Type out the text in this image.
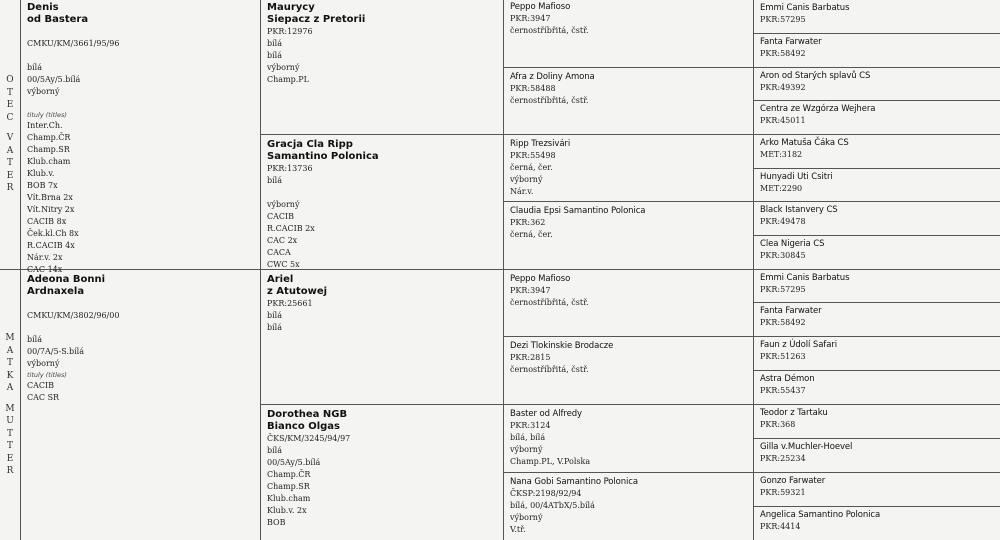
O
T
E
C
V
A
T
E
R
M
A
T
K
A
M
U
T
T
E
R
Denis
od Bastera
CMKU/KM/3661/95/96
bílá
00/5Ay/5.bílá
výborný
tituly (titles)
Inter.Ch.
Champ.ČR
Champ.SR
Klub.cham
Klub.v.
BOB 7x
Vít.Brna 2x
Vít.Nitry 2x
CACIB 8x
Ček.kl.Ch 8x
R.CACIB 4x
Nár.v. 2x
CAC 14x
Adeona Bonni
Ardnaxela
CMKU/KM/3802/96/00
bílá
00/7A/5-S.bílá
výborný
tituly (titles)
CACIB
CAC SR
Maurycy
Siepacz z Pretorii
PKR:12976
bílá
bílá
výborný
Champ.PL
Gracja Cla Ripp
Samantino Polonica
PKR:13736
bílá
výborný
CACIB
R.CACIB 2x
CAC 2x
CACA
CWC 5x
Ariel
z Atutowej
PKR:25661
bílá
bílá
Dorothea NGB
Bianco Olgas
ČKS/KM/3245/94/97
bílá
00/5Ay/5.bílá
Champ.ČR
Champ.SR
Klub.cham
Klub.v. 2x
BOB
Peppo Mafioso
PKR:3947
černostříbřitá, čstř.
Afra z Doliny Amona
PKR:58488
černostříbřitá, čstř.
Ripp Trezsivári
PKR:55498
černá, čer.
výborný
Nár.v.
Claudia Epsi Samantino Polonica
PKR:362
černá, čer.
Peppo Mafioso
PKR:3947
černostříbřitá, čstř.
Dezi Tlokinskie Brodacze
PKR:2815
černostříbřitá, čstř.
Baster od Alfredy
PKR:3124
bílá, bílá
výborný
Champ.PL, V.Polska
Nana Gobi Samantino Polonica
ČKSP:2198/92/94
bílá, 00/4ATbX/5.bílá
výborný
V.tř.
Emmi Canis Barbatus
PKR:57295
Fanta Farwater
PKR:58492
Aron od Starých splavů CS
PKR:49392
Centra ze Wzgórza Wejhera
PKR:45011
Arko Matuša Čáka CS
MET:3182
Hunyadi Uti Csitri
MET:2290
Black Istanvery CS
PKR:49478
Clea Nigeria CS
PKR:30845
Emmi Canis Barbatus
PKR:57295
Fanta Farwater
PKR:58492
Faun z Údolí Safari
PKR:51263
Astra Démon
PKR:55437
Teodor z Tartaku
PKR:368
Gilla v.Muchler-Hoevel
PKR:25234
Gonzo Farwater
PKR:59321
Angelica Samantino Polonica
PKR:4414
